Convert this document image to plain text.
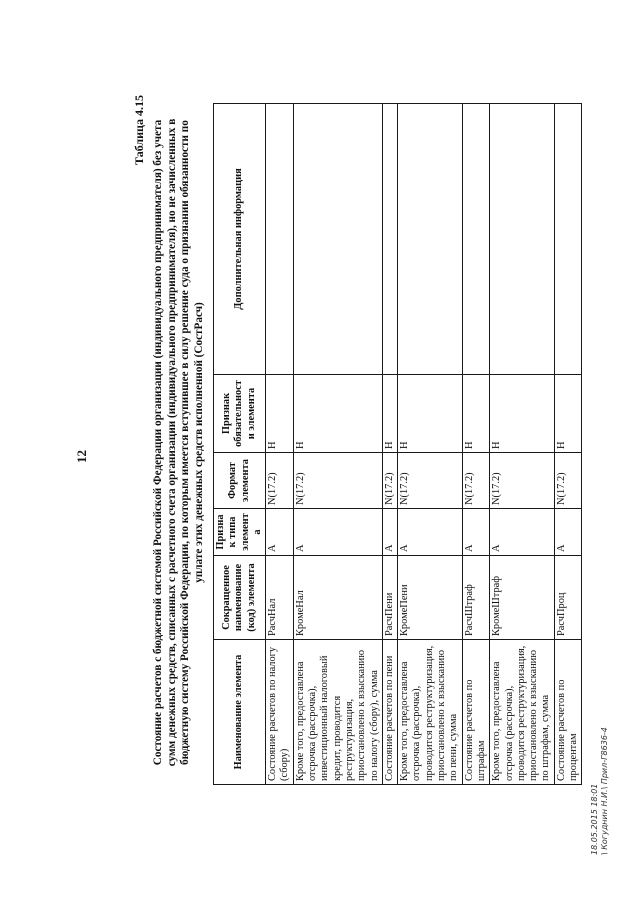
12
Таблица 4.15 Состояние расчетов с бюджетной системой Российской Федерации организации (индивидуального предпринимателя) без учета сумм денежных средств, списанных с расчетного счета организации (индивидуального предпринимателя), но не зачисленных в бюджетную систему Российской Федерации, по которым имеется вступившее в силу решение суда о признании обязанности по уплате этих денежных средств исполненной (СостРасч)
Наименование элемента	Сокращенное наименование (код) элемента	Признак типа элемента	Формат элемента	Признак обязательности элемента	Дополнительная информация
Состояние расчетов по налогу (сбору)	РасчНал	А	N(17.2)	Н	
Кроме того, предоставлена отсрочка (рассрочка), инвестиционный налоговый кредит, проводится реструктуризация, приостановлено к взысканию по налогу (сбору), сумма	КромеНал	А	N(17.2)	Н	
Состояние расчетов по пени	РасчПени	А	N(17.2)	Н	
Кроме того, предоставлена отсрочка (рассрочка), проводится реструктуризация, приостановлено к взысканию по пени, сумма	КромеПени	А	N(17.2)	Н	
Состояние расчетов по штрафам	РасчШтраф	А	N(17.2)	Н	
Кроме того, предоставлена отсрочка (рассрочка), проводится реструктуризация, приостановлено к взысканию по штрафам, сумма	КромеШтраф	А	N(17.2)	Н	
Состояние расчетов по процентам	РасчПроц	А	N(17.2)	Н	
18.05.2015 18:01 \ Когуднин Н.И.\ Прил-Г8636-4
